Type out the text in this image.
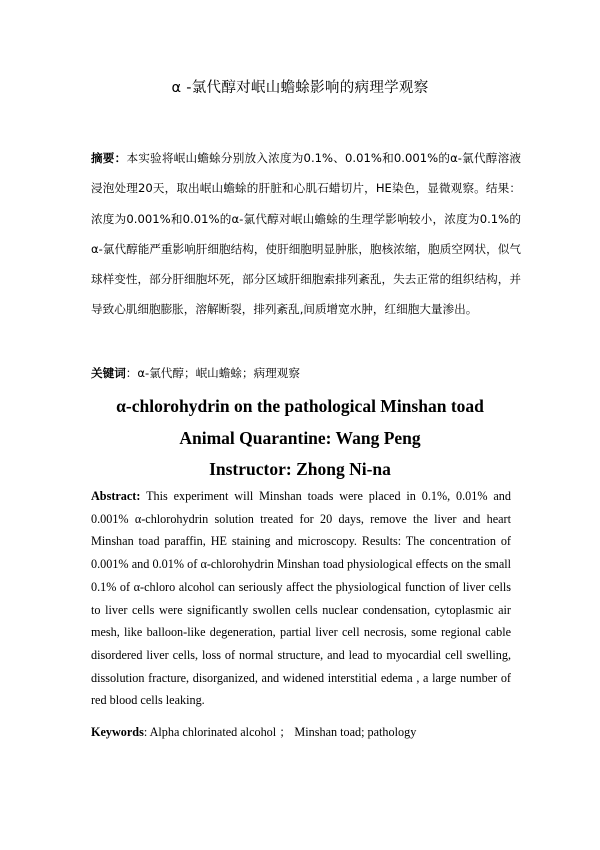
α -氯代醇对岷山蟾蜍影响的病理学观察
摘要：本实验将岷山蟾蜍分别放入浓度为0.1%、0.01%和0.001%的α-氯代醇溶液浸泡处理20天，取出岷山蟾蜍的肝脏和心肌石蜡切片，HE染色，显微观察。结果：浓度为0.001%和0.01%的α-氯代醇对岷山蟾蜍的生理学影响较小，浓度为0.1%的α-氯代醇能严重影响肝细胞结构，使肝细胞明显肿胀，胞核浓缩，胞质空网状，似气球样变性，部分肝细胞坏死，部分区域肝细胞索排列紊乱，失去正常的组织结构，并导致心肌细胞膨胀，溶解断裂，排列紊乱,间质增宽水肿，红细胞大量渗出。
关键词：α-氯代醇；岷山蟾蜍；病理观察
α-chlorohydrin on the pathological Minshan toad
Animal Quarantine: Wang Peng
Instructor: Zhong Ni-na
Abstract: This experiment will Minshan toads were placed in 0.1%, 0.01% and 0.001% α-chlorohydrin solution treated for 20 days, remove the liver and heart Minshan toad paraffin, HE staining and microscopy. Results: The concentration of 0.001% and 0.01% of α-chlorohydrin Minshan toad physiological effects on the small 0.1% of α-chloro alcohol can seriously affect the physiological function of liver cells to liver cells were significantly swollen cells nuclear condensation, cytoplasmic air mesh, like balloon-like degeneration, partial liver cell necrosis, some regional cable disordered liver cells, loss of normal structure, and lead to myocardial cell swelling, dissolution fracture, disorganized, and widened interstitial edema , a large number of red blood cells leaking.
Keywords: Alpha chlorinated alcohol ； Minshan toad; pathology
